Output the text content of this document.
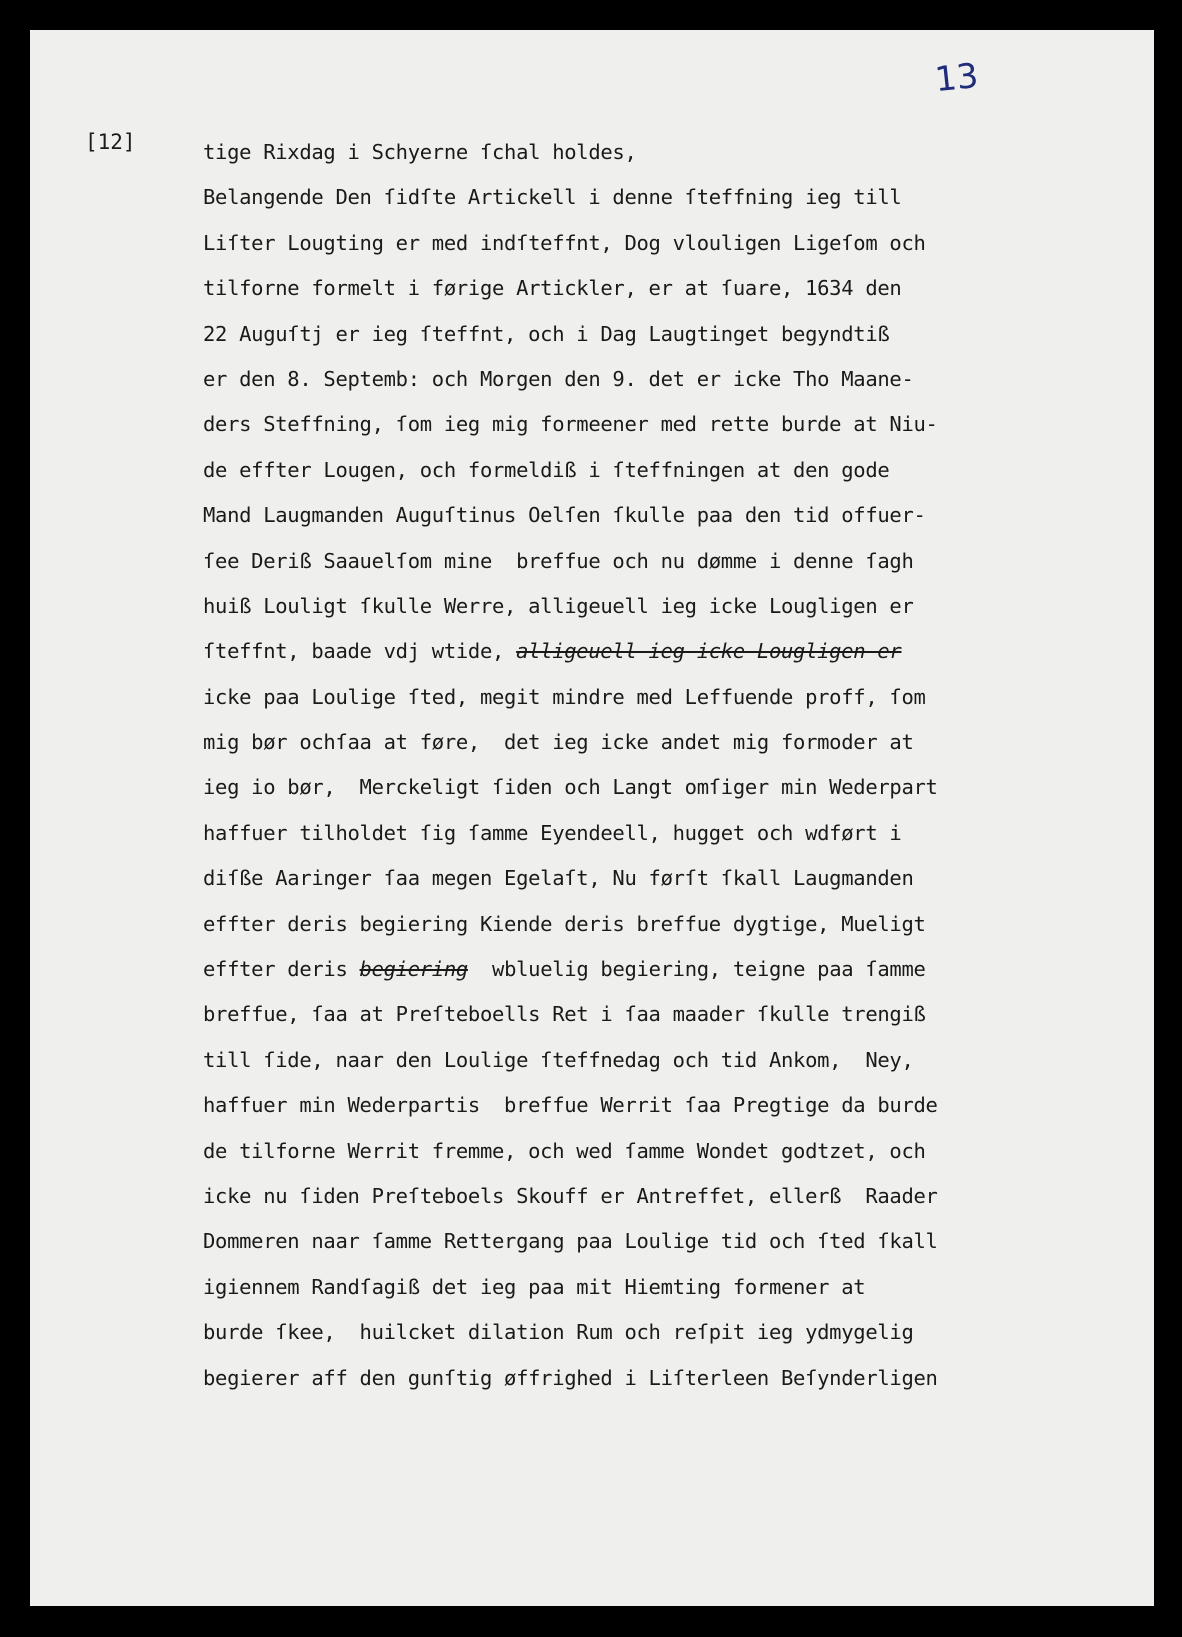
13
[12]	tige Rixdag i Schyerne ſchal holdes,
Belangende Den ſidſte Artickell i denne ſteffning ieg till
Liſter Lougting er med indſteffnt, Dog vlouligen Ligeſom och
tilforne formelt i førige Artickler, er at ſuare, 1634 den
22 Auguſtj er ieg ſteffnt, och i Dag Laugtinget begyndtiß
er den 8. Septemb: och Morgen den 9. det er icke Tho Maane-
ders Steffning, ſom ieg mig formeener med rette burde at Niu-
de effter Lougen, och formeldiß i ſteffningen at den gode
Mand Laugmanden Auguſtinus Oelſen ſkulle paa den tid offuer-
ſee Deriß Saauelſom mine  breffue och nu dømme i denne ſagh
huiß Louligt ſkulle Werre, alligeuell ieg icke Lougligen er
ſteffnt, baade vdj wtide, alligeuell ieg icke Lougligen er
icke paa Loulige ſted, megit mindre med Leffuende proff, ſom
mig bør ochſaa at føre,  det ieg icke andet mig formoder at
ieg io bør,  Merckeligt ſiden och Langt omſiger min Wederpart
haffuer tilholdet ſig ſamme Eyendeell, hugget och wdført i
diſße Aaringer ſaa megen Egelaſt, Nu førſt ſkall Laugmanden
effter deris begiering Kiende deris breffue dygtige, Mueligt
effter deris begiering  wbluelig begiering, teigne paa ſamme
breffue, ſaa at Preſteboells Ret i ſaa maader ſkulle trengiß
till ſide, naar den Loulige ſteffnedag och tid Ankom,  Ney,
haffuer min Wederpartis  breffue Werrit ſaa Pregtige da burde
de tilforne Werrit fremme, och wed ſamme Wondet godtzet, och
icke nu ſiden Preſteboels Skouff er Antreffet, ellerß  Raader
Dommeren naar ſamme Rettergang paa Loulige tid och ſted ſkall
igiennem Randſagiß det ieg paa mit Hiemting formener at
burde ſkee,  huilcket dilation Rum och reſpit ieg ydmygelig
begierer aff den gunſtig øffrighed i Liſterleen Beſynderligen
